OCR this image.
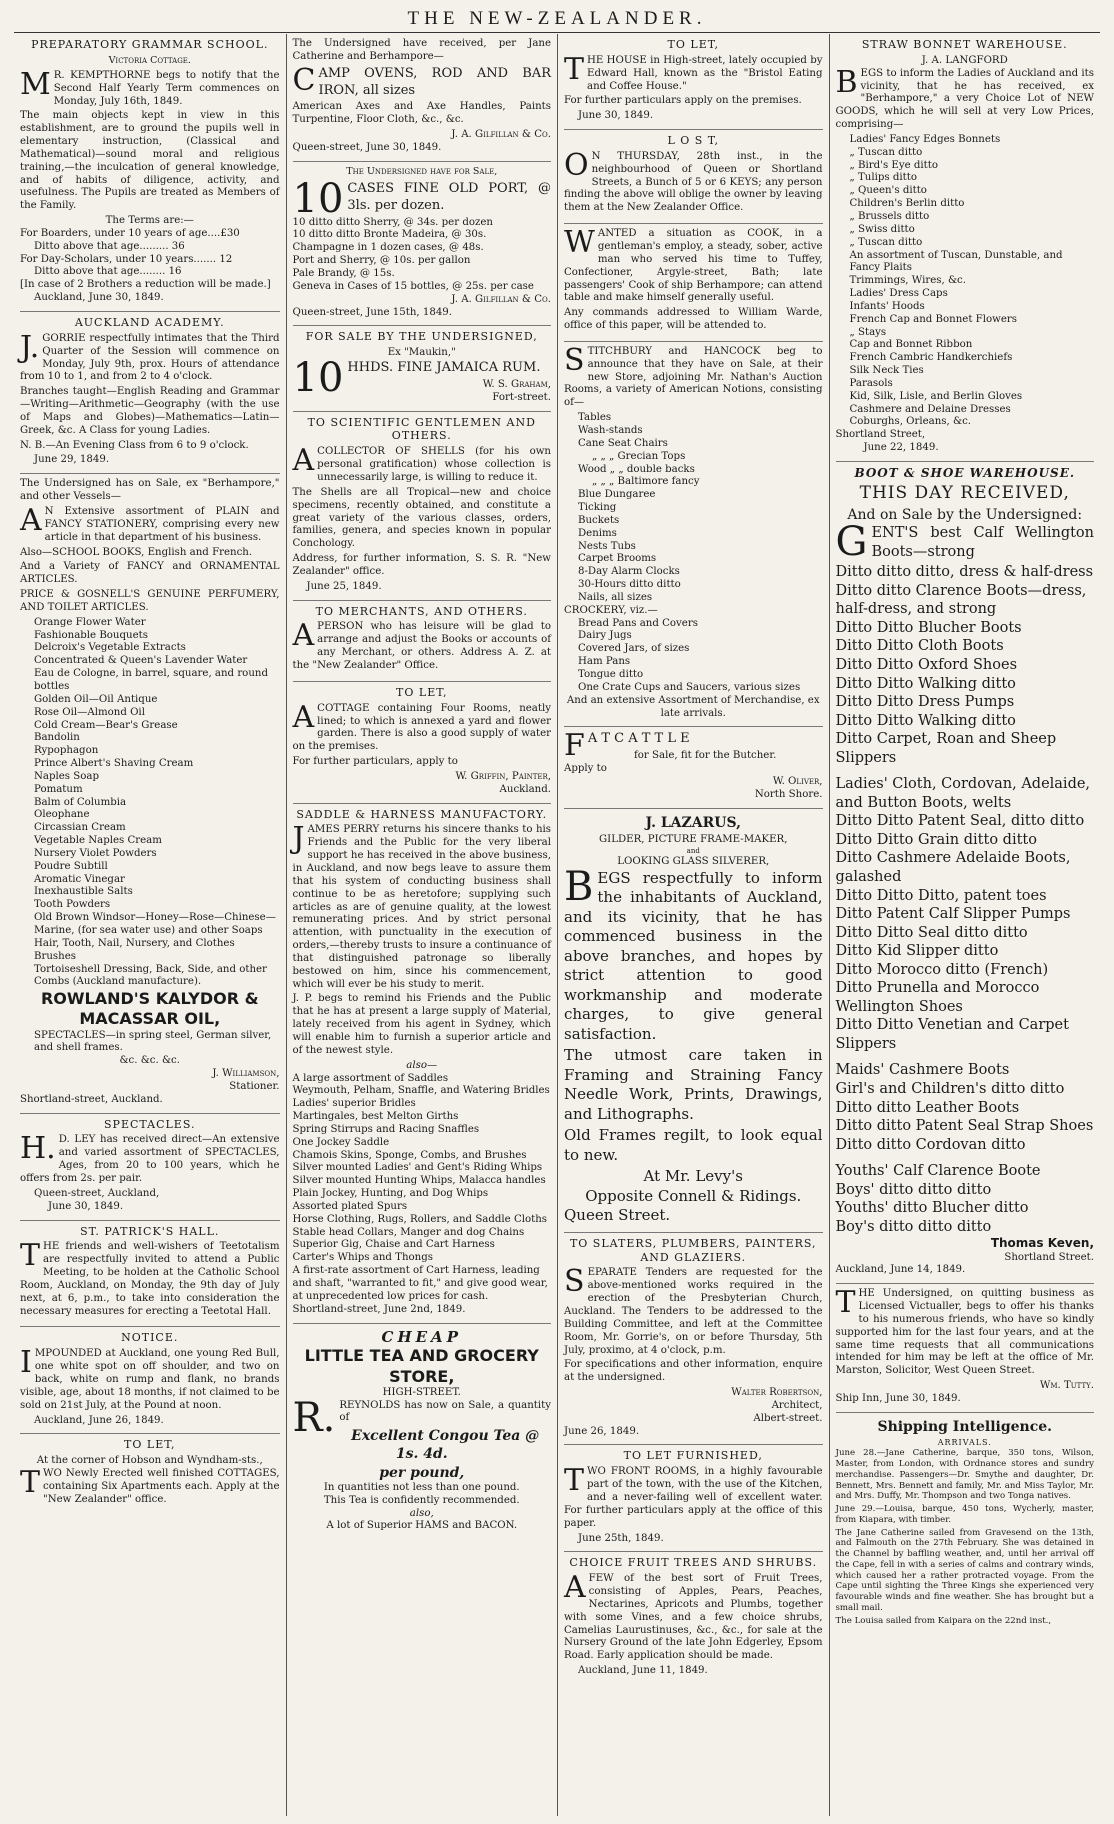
THE NEW-ZEALANDER.
PREPARATORY GRAMMAR SCHOOL.
Victoria Cottage.

M R. KEMPTHORNE begs to notify that the Second Half Yearly Term commences on Monday, July 16th, 1849.

The main objects kept in view in this establishment, are to ground the pupils well in elementary instruction, (Classical and Mathematical)—sound moral and religious training,—the inculcation of general knowledge, and of habits of diligence, activity, and usefulness. The Pupils are treated as Members of the Family.

The Terms are:—
For Boarders, under 10 years of age....£30
Ditto above that age......... 36
For Day-Scholars, under 10 years....... 12
Ditto above that age........ 16
[In case of 2 Brothers a reduction will be made.]
Auckland, June 30, 1849.
AUCKLAND ACADEMY.

J. GORRIE respectfully intimates that the Third Quarter of the Session will commence on Monday, July 9th, prox. Hours of attendance from 10 to 1, and from 2 to 4 o'clock.

Branches taught—English Reading and Grammar—Writing—Arithmetic—Geography (with the use of Maps and Globes)—Mathematics—Latin—Greek, &c. A Class for young Ladies.

N. B.—An Evening Class from 6 to 9 o'clock.

June 29, 1849.

The Undersigned has on Sale, ex "Berhampore," and other Vessels—

A N Extensive assortment of PLAIN and FANCY STATIONERY, comprising every new article in that department of his business.

Also—SCHOOL BOOKS, English and French.

And a Variety of FANCY and ORNAMENTAL ARTICLES.

PRICE & GOSNELL'S GENUINE PERFUMERY, AND TOILET ARTICLES.

Orange Flower Water
Fashionable Bouquets
Delcroix's Vegetable Extracts
Concentrated & Queen's Lavender Water
Eau de Cologne, in barrel, square, and round bottles
Golden Oil—Oil Antique
Rose Oil—Almond Oil
Cold Cream—Bear's Grease
Bandolin
Rypophagon
Prince Albert's Shaving Cream
Naples Soap
Pomatum
Balm of Columbia
Oleophane
Circassian Cream
Vegetable Naples Cream
Nursery Violet Powders
Poudre Subtill
Aromatic Vinegar
Inexhaustible Salts
Tooth Powders
Old Brown Windsor—Honey—Rose—Chinese—Marine, (for sea water use) and other Soaps
Hair, Tooth, Nail, Nursery, and Clothes Brushes
Tortoiseshell Dressing, Back, Side, and other Combs (Auckland manufacture).
ROWLAND'S KALYDOR & MACASSAR OIL,
SPECTACLES—in spring steel, German silver, and shell frames.
&c. &c. &c.
J. Williamson,
Stationer.
Shortland-street, Auckland.
SPECTACLES.

H. D. LEY has received direct—An extensive and varied assortment of SPECTACLES, Ages, from 20 to 100 years, which he offers from 2s. per pair.

Queen-street, Auckland,
June 30, 1849.
ST. PATRICK'S HALL.

THE friends and well-wishers of Teetotalism are respectfully invited to attend a Public Meeting, to be holden at the Catholic School Room, Auckland, on Monday, the 9th day of July next, at 6, p.m., to take into consideration the necessary measures for erecting a Teetotal Hall.

NOTICE.

IMPOUNDED at Auckland, one young Red Bull, one white spot on off shoulder, and two on back, white on rump and flank, no brands visible, age, about 18 months, if not claimed to be sold on 21st July, at the Pound at noon.

Auckland, June 26, 1849.
TO LET,
At the corner of Hobson and Wyndham-sts.,

TWO Newly Erected well finished COTTAGES, containing Six Apartments each. Apply at the "New Zealander" office.

The Undersigned have received, per Jane Catherine and Berhampore—

CAMP OVENS, ROD AND BAR IRON, all sizes

American Axes and Axe Handles, Paints Turpentine, Floor Cloth, &c., &c.

J. A. Gilfillan & Co.
Queen-street, June 30, 1849.
The Undersigned have for Sale,

10 CASES FINE OLD PORT, @ 3ls. per dozen.

10 ditto ditto Sherry, @ 34s. per dozen
10 ditto ditto Bronte Madeira, @ 30s.
Champagne in 1 dozen cases, @ 48s.
Port and Sherry, @ 10s. per gallon
Pale Brandy, @ 15s.
Geneva in Cases of 15 bottles, @ 25s. per case
J. A. Gilfillan & Co.
Queen-street, June 15th, 1849.
FOR SALE BY THE UNDERSIGNED,
Ex "Maukin,"

10 HHDS. FINE JAMAICA RUM.

W. S. Graham,
Fort-street.
TO SCIENTIFIC GENTLEMEN AND OTHERS.

ACOLLECTOR OF SHELLS (for his own personal gratification) whose collection is unnecessarily large, is willing to reduce it.

The Shells are all Tropical—new and choice specimens, recently obtained, and constitute a great variety of the various classes, orders, families, genera, and species known in popular Conchology.

Address, for further information, S. S. R. "New Zealander" office.

June 25, 1849.
TO MERCHANTS, AND OTHERS.

APERSON who has leisure will be glad to arrange and adjust the Books or accounts of any Merchant, or others. Address A. Z. at the "New Zealander" Office.

TO LET,

ACOTTAGE containing Four Rooms, neatly lined; to which is annexed a yard and flower garden. There is also a good supply of water on the premises.

For further particulars, apply to

W. Griffin, Painter,
Auckland.
SADDLE & HARNESS MANUFACTORY.

JAMES PERRY returns his sincere thanks to his Friends and the Public for the very liberal support he has received in the above business, in Auckland, and now begs leave to assure them that his system of conducting business shall continue to be as heretofore; supplying such articles as are of genuine quality, at the lowest remunerating prices. And by strict personal attention, with punctuality in the execution of orders,—thereby trusts to insure a continuance of that distinguished patronage so liberally bestowed on him, since his commencement, which will ever be his study to merit.

J. P. begs to remind his Friends and the Public that he has at present a large supply of Material, lately received from his agent in Sydney, which will enable him to furnish a superior article and of the newest style.

also—
A large assortment of Saddles
Weymouth, Pelham, Snaffle, and Watering Bridles
Ladies' superior Bridles
Martingales, best Melton Girths
Spring Stirrups and Racing Snaffles
One Jockey Saddle
Chamois Skins, Sponge, Combs, and Brushes
Silver mounted Ladies' and Gent's Riding Whips
Silver mounted Hunting Whips, Malacca handles
Plain Jockey, Hunting, and Dog Whips
Assorted plated Spurs
Horse Clothing, Rugs, Rollers, and Saddle Cloths
Stable head Collars, Manger and dog Chains
Superior Gig, Chaise and Cart Harness
Carter's Whips and Thongs
A first-rate assortment of Cart Harness, leading and shaft, "warranted to fit," and give good wear, at unprecedented low prices for cash.
Shortland-street, June 2nd, 1849.
CHEAP
LITTLE TEA AND GROCERY STORE,
HIGH-STREET.

R. REYNOLDS has now on Sale, a quantity of

Excellent Congou Tea @ 1s. 4d.
per pound,
In quantities not less than one pound.
This Tea is confidently recommended.
also,
A lot of Superior HAMS and BACON.
TO LET,

THE HOUSE in High-street, lately occupied by Edward Hall, known as the "Bristol Eating and Coffee House."

For further particulars apply on the premises.

June 30, 1849.
L O S T,

O N THURSDAY, 28th inst., in the neighbourhood of Queen or Shortland Streets, a Bunch of 5 or 6 KEYS; any person finding the above will oblige the owner by leaving them at the New Zealander Office.

WANTED a situation as COOK, in a gentleman's employ, a steady, sober, active man who served his time to Tuffey, Confectioner, Argyle-street, Bath; late passengers' Cook of ship Berhampore; can attend table and make himself generally useful.

Any commands addressed to William Warde, office of this paper, will be attended to.

STITCHBURY and HANCOCK beg to announce that they have on Sale, at their new Store, adjoining Mr. Nathan's Auction Rooms, a variety of American Notions, consisting of—

Tables
Wash-stands
Cane Seat Chairs
„ „ „ Grecian Tops
Wood „ „ double backs
„ „ „ Baltimore fancy
Blue Dungaree
Ticking
Buckets
Denims
Nests Tubs
Carpet Brooms
8-Day Alarm Clocks
30-Hours ditto ditto
Nails, all sizes
CROCKERY, viz.—
Bread Pans and Covers
Dairy Jugs
Covered Jars, of sizes
Ham Pans
Tongue ditto
One Crate Cups and Saucers, various sizes
And an extensive Assortment of Merchandise, ex late arrivals.

F A T C A T T L E

for Sale, fit for the Butcher.
Apply to
W. Oliver,
North Shore.
J. LAZARUS,
GILDER, PICTURE FRAME-MAKER,
and
LOOKING GLASS SILVERER,

BEGS respectfully to inform the inhabitants of Auckland, and its vicinity, that he has commenced business in the above branches, and hopes by strict attention to good workmanship and moderate charges, to give general satisfaction.

The utmost care taken in Framing and Straining Fancy Needle Work, Prints, Drawings, and Lithographs.

Old Frames regilt, to look equal to new.

At Mr. Levy's
Opposite Connell & Ridings.
Queen Street.
TO SLATERS, PLUMBERS, PAINTERS, AND GLAZIERS.

SEPARATE Tenders are requested for the above-mentioned works required in the erection of the Presbyterian Church, Auckland. The Tenders to be addressed to the Building Committee, and left at the Committee Room, Mr. Gorrie's, on or before Thursday, 5th July, proximo, at 4 o'clock, p.m.

For specifications and other information, enquire at the undersigned.

Walter Robertson,
Architect,
Albert-street.
June 26, 1849.
TO LET FURNISHED,

TWO FRONT ROOMS, in a highly favourable part of the town, with the use of the Kitchen, and a never-failing well of excellent water. For further particulars apply at the office of this paper.

June 25th, 1849.
CHOICE FRUIT TREES AND SHRUBS.

AFEW of the best sort of Fruit Trees, consisting of Apples, Pears, Peaches, Nectarines, Apricots and Plumbs, together with some Vines, and a few choice shrubs, Camelias Laurustinuses, &c., &c., for sale at the Nursery Ground of the late John Edgerley, Epsom Road. Early application should be made.

Auckland, June 11, 1849.
STRAW BONNET WAREHOUSE.
J. A. LANGFORD

BEGS to inform the Ladies of Auckland and its vicinity, that he has received, ex "Berhampore," a very Choice Lot of NEW GOODS, which he will sell at very Low Prices, comprising—

Ladies' Fancy Edges Bonnets
„ Tuscan ditto
„ Bird's Eye ditto
„ Tulips ditto
„ Queen's ditto
Children's Berlin ditto
„ Brussels ditto
„ Swiss ditto
„ Tuscan ditto
An assortment of Tuscan, Dunstable, and Fancy Plaits
Trimmings, Wires, &c.
Ladies' Dress Caps
Infants' Hoods
French Cap and Bonnet Flowers
„ Stays
Cap and Bonnet Ribbon
French Cambric Handkerchiefs
Silk Neck Ties
Parasols
Kid, Silk, Lisle, and Berlin Gloves
Cashmere and Delaine Dresses
Coburghs, Orleans, &c.
Shortland Street,
June 22, 1849.
BOOT & SHOE WAREHOUSE.
THIS DAY RECEIVED,
And on Sale by the Undersigned:

GENT'S best Calf Wellington Boots—strong

Ditto ditto ditto, dress & half-dress
Ditto ditto Clarence Boots—dress, half-dress, and strong
Ditto Ditto Blucher Boots
Ditto Ditto Cloth Boots
Ditto Ditto Oxford Shoes
Ditto Ditto Walking ditto
Ditto Ditto Dress Pumps
Ditto Ditto Walking ditto
Ditto Carpet, Roan and Sheep Slippers
Ladies' Cloth, Cordovan, Adelaide, and Button Boots, welts
Ditto Ditto Patent Seal, ditto ditto
Ditto Ditto Grain ditto ditto
Ditto Cashmere Adelaide Boots, galashed
Ditto Ditto Ditto, patent toes
Ditto Patent Calf Slipper Pumps
Ditto Ditto Seal ditto ditto
Ditto Kid Slipper ditto
Ditto Morocco ditto (French)
Ditto Prunella and Morocco Wellington Shoes
Ditto Ditto Venetian and Carpet Slippers
Maids' Cashmere Boots
Girl's and Children's ditto ditto
Ditto ditto Leather Boots
Ditto ditto Patent Seal Strap Shoes
Ditto ditto Cordovan ditto
Youths' Calf Clarence Boote
Boys' ditto ditto ditto
Youths' ditto Blucher ditto
Boy's ditto ditto ditto
Thomas Keven,
Shortland Street.
Auckland, June 14, 1849.

THE Undersigned, on quitting business as Licensed Victualler, begs to offer his thanks to his numerous friends, who have so kindly supported him for the last four years, and at the same time requests that all communications intended for him may be left at the office of Mr. Marston, Solicitor, West Queen Street.

Wm. Tutty.
Ship Inn, June 30, 1849.
Shipping Intelligence.
ARRIVALS.

June 28.—Jane Catherine, barque, 350 tons, Wilson, Master, from London, with Ordnance stores and sundry merchandise. Passengers—Dr. Smythe and daughter, Dr. Bennett, Mrs. Bennett and family, Mr. and Miss Taylor, Mr. and Mrs. Duffy, Mr. Thompson and two Tonga natives.

June 29.—Louisa, barque, 450 tons, Wycherly, master, from Kiapara, with timber.

The Jane Catherine sailed from Gravesend on the 13th, and Falmouth on the 27th February. She was detained in the Channel by baffling weather, and, until her arrival off the Cape, fell in with a series of calms and contrary winds, which caused her a rather protracted voyage. From the Cape until sighting the Three Kings she experienced very favourable winds and fine weather. She has brought but a small mail.

The Louisa sailed from Kaipara on the 22nd inst.,
